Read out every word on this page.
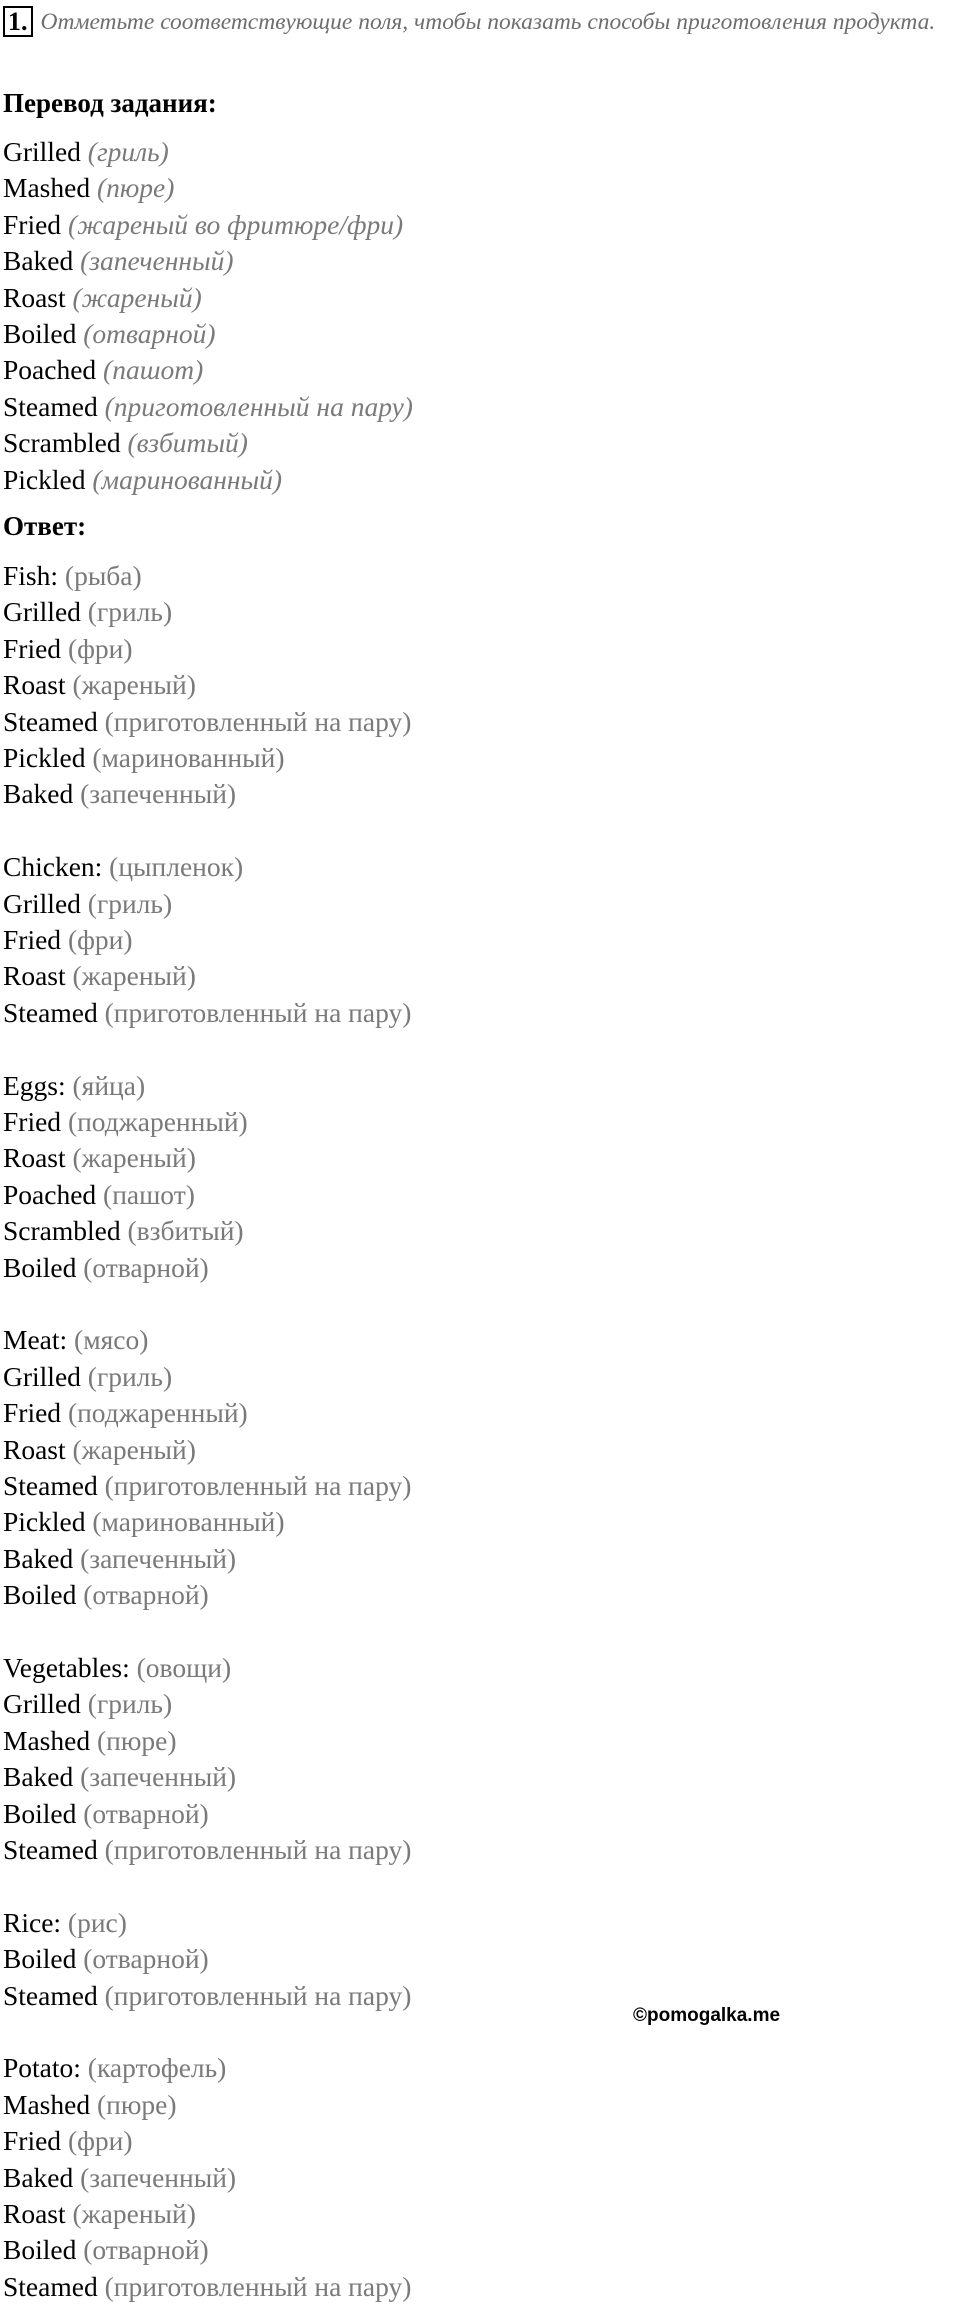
1. Отметьте соответствующие поля, чтобы показать способы приготовления продукта.
Перевод задания:
Grilled (гриль)
Mashed (пюре)
Fried (жареный во фритюре/фри)
Baked (запеченный)
Roast (жареный)
Boiled (отварной)
Poached (пашот)
Steamed (приготовленный на пару)
Scrambled (взбитый)
Pickled (маринованный)
Ответ:
Fish: (рыба)
Grilled (гриль)
Fried (фри)
Roast (жареный)
Steamed (приготовленный на пару)
Pickled (маринованный)
Baked (запеченный)
Chicken: (цыпленок)
Grilled (гриль)
Fried (фри)
Roast (жареный)
Steamed (приготовленный на пару)
Eggs: (яйца)
Fried (поджаренный)
Roast (жареный)
Poached (пашот)
Scrambled (взбитый)
Boiled (отварной)
Meat: (мясо)
Grilled (гриль)
Fried (поджаренный)
Roast (жареный)
Steamed (приготовленный на пару)
Pickled (маринованный)
Baked (запеченный)
Boiled (отварной)
Vegetables: (овощи)
Grilled (гриль)
Mashed (пюре)
Baked (запеченный)
Boiled (отварной)
Steamed (приготовленный на пару)
Rice: (рис)
Boiled (отварной)
Steamed (приготовленный на пару)
Potato: (картофель)
Mashed (пюре)
Fried (фри)
Baked (запеченный)
Roast (жареный)
Boiled (отварной)
Steamed (приготовленный на пару)
©pomogalka.me
